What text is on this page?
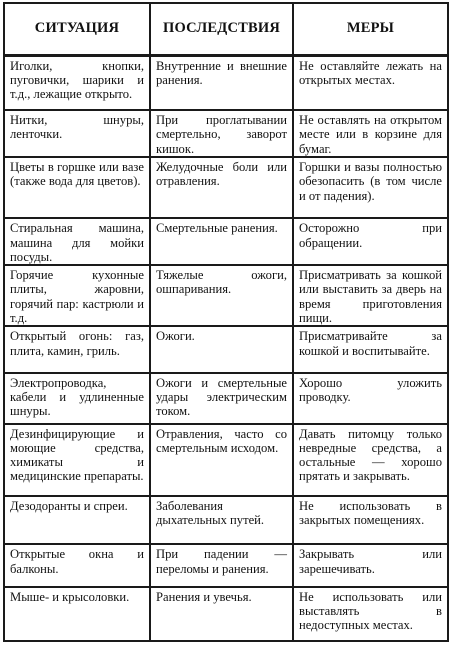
СИТУАЦИЯ	ПОСЛЕДСТВИЯ	МЕРЫ
Иголки, кнопки, пуговички, шарики и т.д., лежащие открыто.	Внутренние и внешние ранения.	Не оставляйте лежать на открытых местах.
Нитки, шнуры, ленточки.	При проглатывании смертельно, заворот кишок.	Не оставлять на открытом месте или в корзине для бумаг.
Цветы в горшке или вазе (также вода для цветов).	Желудочные боли или отравления.	Горшки и вазы полностью обезопасить (в том числе и от падения).
Стиральная машина, машина для мойки посуды.	Смертельные ранения.	Осторожно при обращении.
Горячие кухонные плиты, жаровни, горячий пар: кастрюли и т.д.	Тяжелые ожоги, ошпаривания.	Присматривать за кошкой или выставить за дверь на время приготовления пищи.
Открытый огонь: газ, плита, камин, гриль.	Ожоги.	Присматривайте за кошкой и воспитывайте.
Электропроводка, кабели и удлиненные шнуры.	Ожоги и смертельные удары электрическим током.	Хорошо уложить проводку.
Дезинфицирующие и моющие средства, химикаты и медицинские препараты.	Отравления, часто со смертельным исходом.	Давать питомцу только невредные средства, а остальные — хорошо прятать и закрывать.
Дезодоранты и спреи.	Заболевания дыхательных путей.	Не использовать в закрытых помещениях.
Открытые окна и балконы.	При падении — переломы и ранения.	Закрывать или зарешечивать.
Мыше- и крысоловки.	Ранения и увечья.	Не использовать или выставлять в недоступных местах.
